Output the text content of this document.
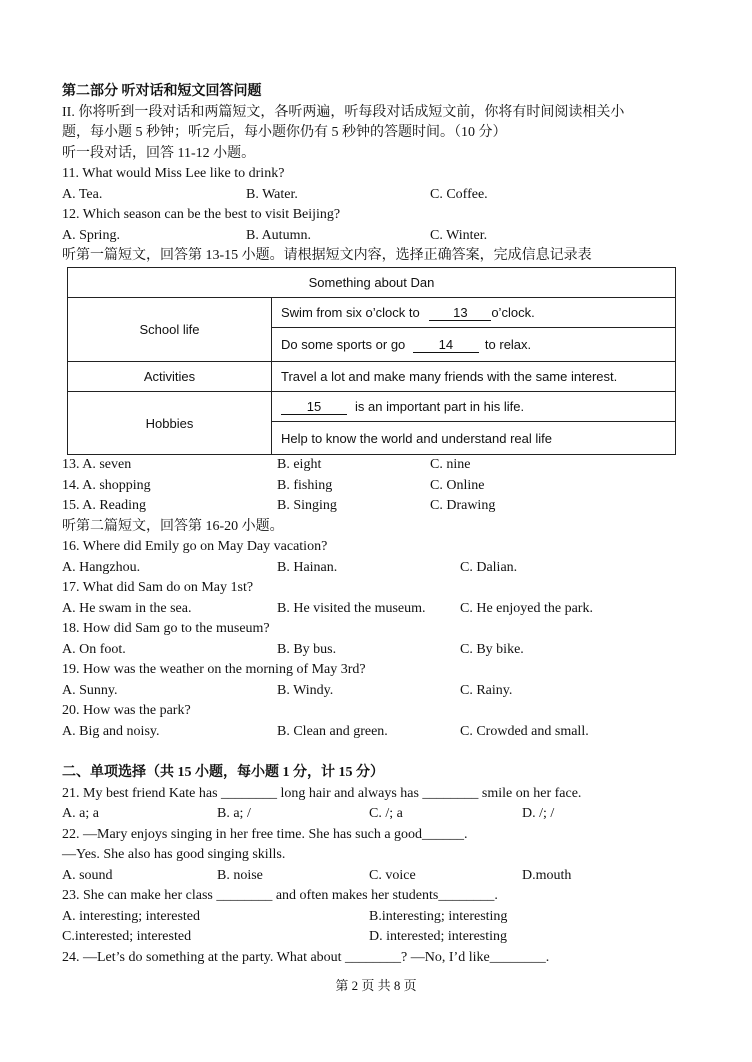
第二部分 听对话和短文回答问题
II. 你将听到一段对话和两篇短文，各听两遍，听每段对话成短文前，你将有时间阅读相关小
题，每小题 5 秒钟；听完后，每小题你仍有 5 秒钟的答题时间。（10 分）
听一段对话，回答 11-12 小题。
11. What would Miss Lee like to drink?
A. Tea.	B. Water.	C. Coffee.
12. Which season can be the best to visit Beijing?
A. Spring.	B. Autumn.	C. Winter.
听第一篇短文，回答第 13-15 小题。请根据短文内容，选择正确答案，完成信息记录表
Something about Dan	
School life	Swim from six o’clock to 13 o’clock.
	Do some sports or go 14 to relax.
Activities	Travel a lot and make many friends with the same interest.
Hobbies	15 is an important part in his life.
	Help to know the world and understand real life
13. A. seven	B. eight	C. nine
14. A. shopping	B. fishing	C. Online
15. A. Reading	B. Singing	C. Drawing
听第二篇短文，回答第 16-20 小题。
16. Where did Emily go on May Day vacation?
A. Hangzhou.	B. Hainan.	C. Dalian.
17. What did Sam do on May 1st?
A. He swam in the sea.	B. He visited the museum. C. He enjoyed the park.
18. How did Sam go to the museum?
A. On foot.	B. By bus.	C. By bike.
19. How was the weather on the morning of May 3rd?
A. Sunny.	B. Windy.	C. Rainy.
20. How was the park?
A. Big and noisy.	B. Clean and green.	C. Crowded and small.
二、单项选择（共 15 小题，每小题 1 分，计 15 分）
21. My best friend Kate has ________ long hair and always has ________ smile on her face.
A. a; a	B. a; /	C. /; a	D. /; /
22. —Mary enjoys singing in her free time. She has such a good______.
—Yes. She also has good singing skills.
A. sound	B. noise	C. voice	D.mouth
23. She can make her class ________ and often makes her students________.
A. interesting; interested	B.interesting; interesting
C.interested; interested	D. interested; interesting
24. —Let’s do something at the party. What about ________? —No, I’d like________.
第 2 页 共 8 页
